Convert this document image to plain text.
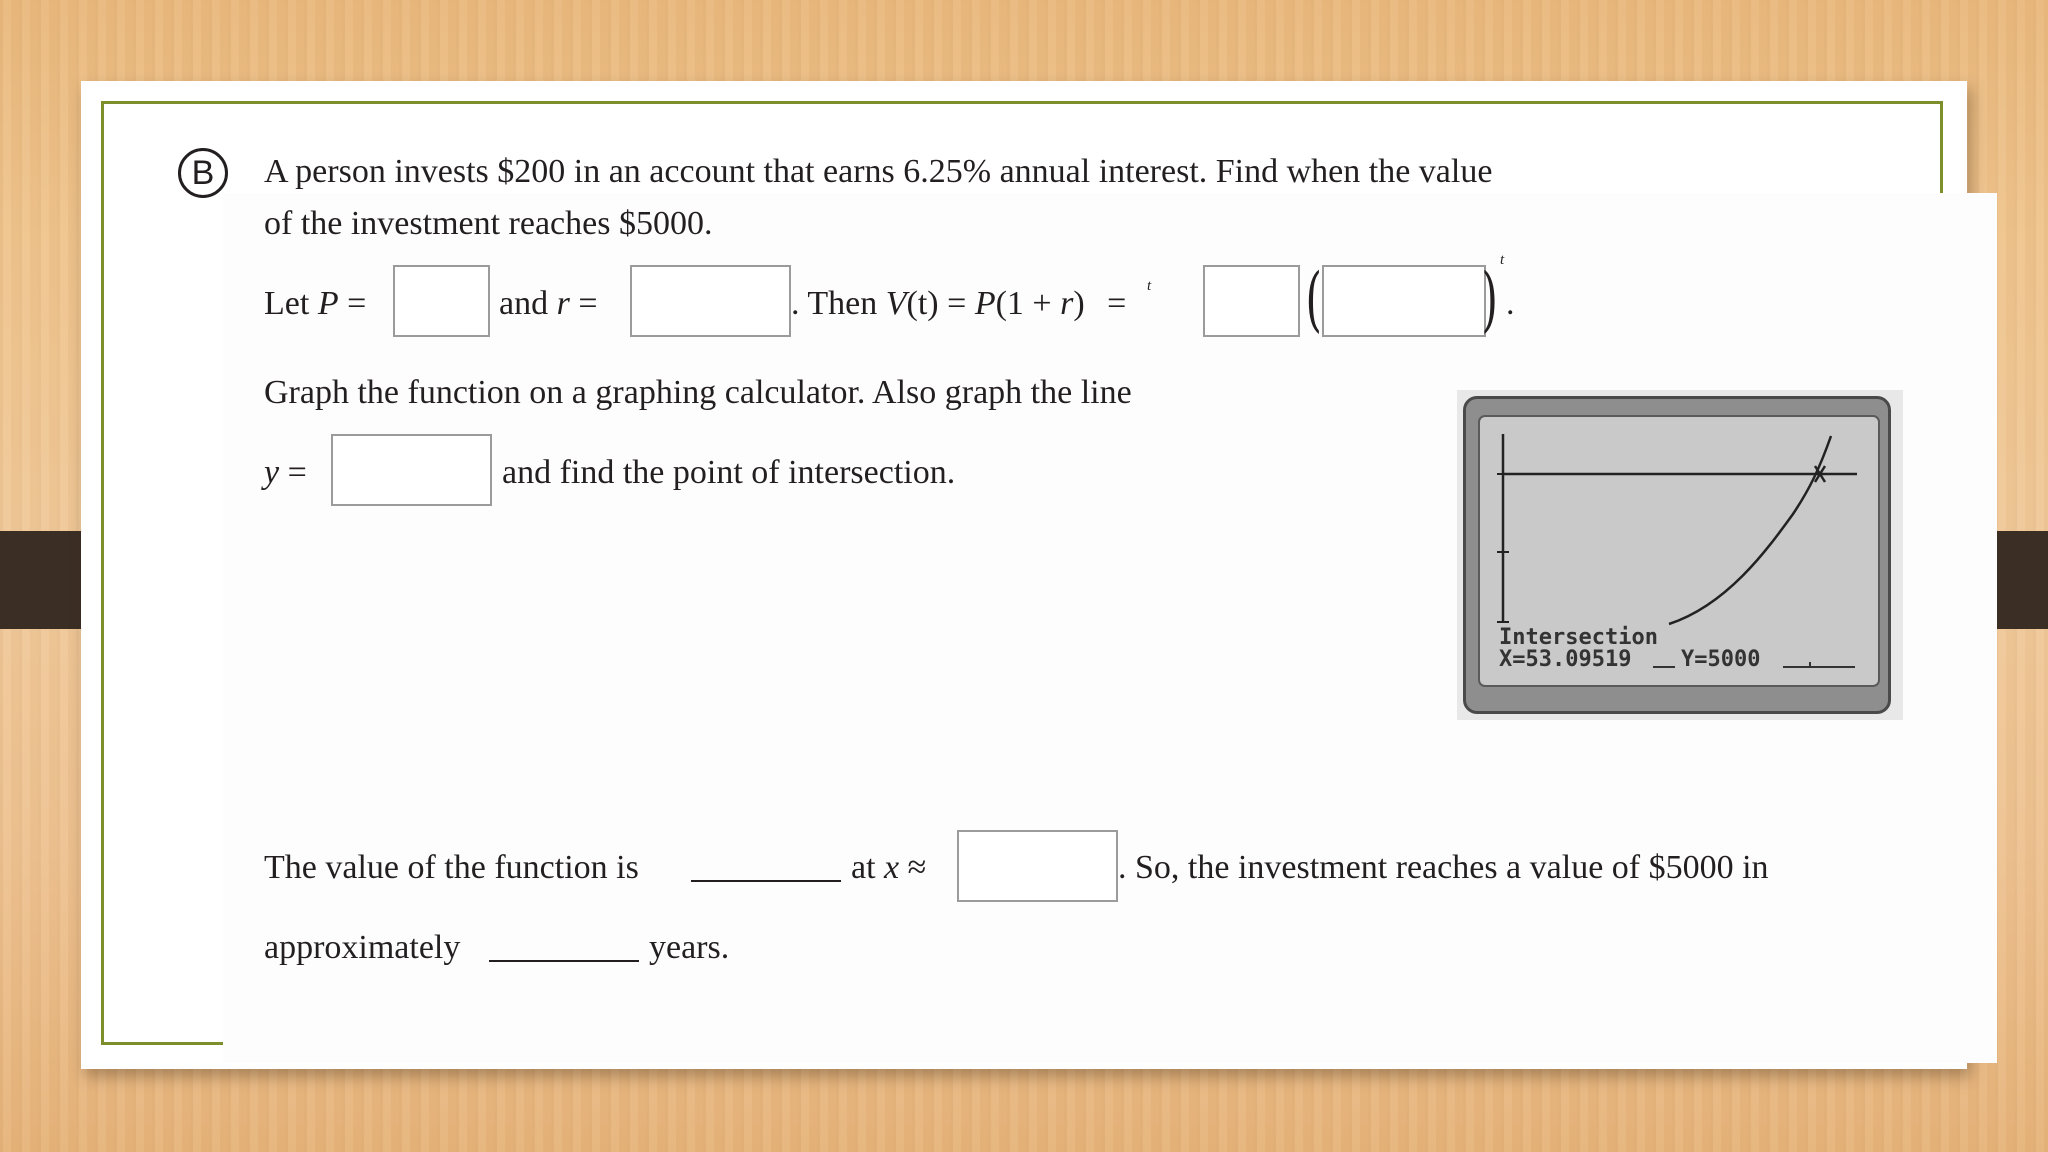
B	A person invests $200 in an account that earns 6.25% annual interest. Find when the value
of the investment reaches $5000.
Let P =	and r =	. Then V(t) = P(1 + r) = t ( ) t
.
Graph the function on a graphing calculator. Also graph the line
y =	and find the point of intersection.
Intersection
X=53.09519 Y=5000
The value of the function is	at x ≈	. So, the investment reaches a value of $5000 in
approximately	years.
